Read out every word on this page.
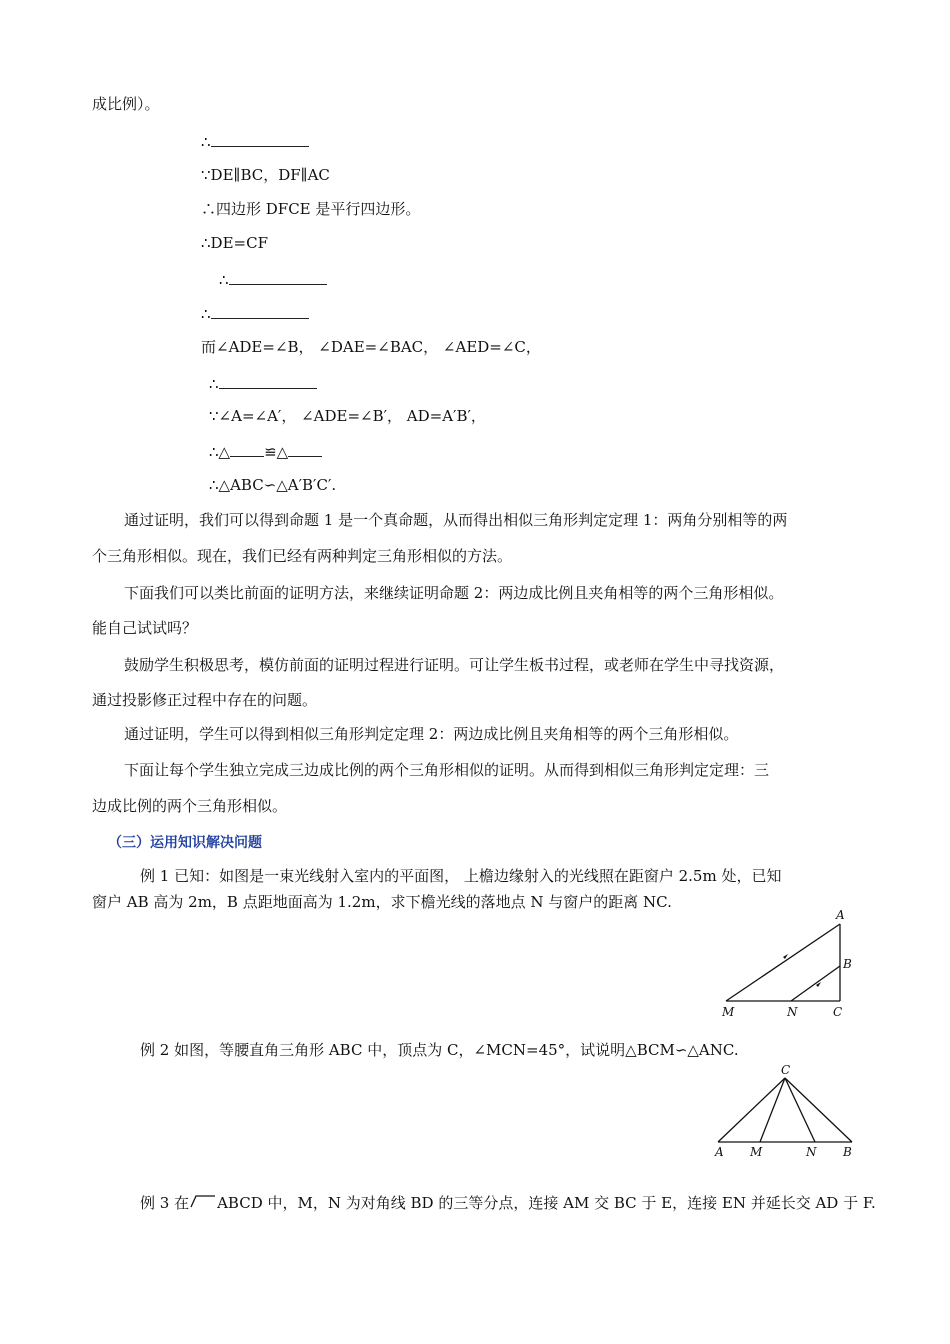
成比例）。
∴
∵DE∥BC，DF∥AC
∴四边形 DFCE 是平行四边形。
∴DE=CF
∴
∴
而∠ADE=∠B， ∠DAE=∠BAC， ∠AED=∠C，
∴
∵∠A=∠A′， ∠ADE=∠B′， AD=A′B′，
∴△ ≌△
∴△ABC∽△A′B′C′.
通过证明，我们可以得到命题 1 是一个真命题，从而得出相似三角形判定定理 1：两角分别相等的两
个三角形相似。现在，我们已经有两种判定三角形相似的方法。
下面我们可以类比前面的证明方法，来继续证明命题 2：两边成比例且夹角相等的两个三角形相似。
能自己试试吗？
鼓励学生积极思考，模仿前面的证明过程进行证明。可让学生板书过程，或老师在学生中寻找资源，
通过投影修正过程中存在的问题。
通过证明，学生可以得到相似三角形判定定理 2：两边成比例且夹角相等的两个三角形相似。
下面让每个学生独立完成三边成比例的两个三角形相似的证明。从而得到相似三角形判定定理：三
边成比例的两个三角形相似。
（三）运用知识解决问题
例 1 已知：如图是一束光线射入室内的平面图， 上檐边缘射入的光线照在距窗户 2.5m 处，已知
窗户 AB 高为 2m，B 点距地面高为 1.2m，求下檐光线的落地点 N 与窗户的距离 NC.
A
B
M	N	C
例 2 如图，等腰直角三角形 ABC 中，顶点为 C，∠MCN=45°，试说明△BCM∽△ANC.
C
A M	N B
例 3 在 ABCD 中，M，N 为对角线 BD 的三等分点，连接 AM 交 BC 于 E，连接 EN 并延长交 AD 于 F.
